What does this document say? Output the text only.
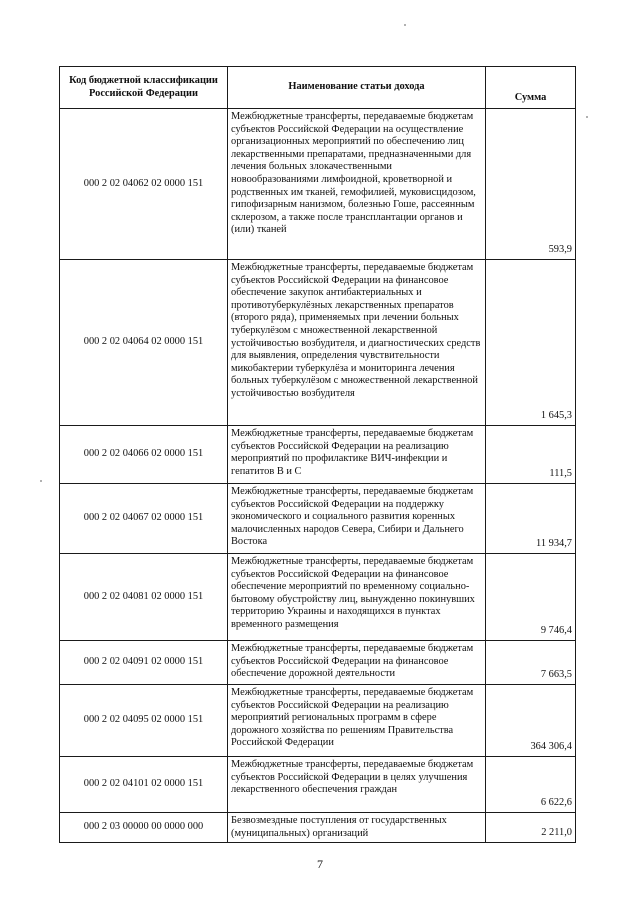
Код бюджетной классификации Российской Федерации	Наименование статьи дохода	Сумма
000 2 02 04062 02 0000 151	Межбюджетные трансферты, передаваемые бюджетам субъектов Российской Федерации на осуществление организационных мероприятий по обеспечению лиц лекарственными препаратами, предназначенными для лечения больных злокачественными новообразованиями лимфоидной, кроветворной и родственных им тканей, гемофилией, муковисцидозом, гипофизарным нанизмом, болезнью Гоше, рассеянным склерозом, а также после трансплантации органов и (или) тканей	593,9
000 2 02 04064 02 0000 151	Межбюджетные трансферты, передаваемые бюджетам субъектов Российской Федерации на финансовое обеспечение закупок антибактериальных и противотуберкулёзных лекарственных препаратов (второго ряда), применяемых при лечении больных туберкулёзом с множественной лекарственной устойчивостью возбудителя, и диагностических средств для выявления, определения чувствительности микобактерии туберкулёза и мониторинга лечения больных туберкулёзом с множественной лекарственной устойчивостью возбудителя	1 645,3
000 2 02 04066 02 0000 151	Межбюджетные трансферты, передаваемые бюджетам субъектов Российской Федерации на реализацию мероприятий по профилактике ВИЧ-инфекции и гепатитов B и C	111,5
000 2 02 04067 02 0000 151	Межбюджетные трансферты, передаваемые бюджетам субъектов Российской Федерации на поддержку экономического и социального развития коренных малочисленных народов Севера, Сибири и Дальнего Востока	11 934,7
000 2 02 04081 02 0000 151	Межбюджетные трансферты, передаваемые бюджетам субъектов Российской Федерации на финансовое обеспечение мероприятий по временному социально-бытовому обустройству лиц, вынужденно покинувших территорию Украины и находящихся в пунктах временного размещения	9 746,4
000 2 02 04091 02 0000 151	Межбюджетные трансферты, передаваемые бюджетам субъектов Российской Федерации на финансовое обеспечение дорожной деятельности	7 663,5
000 2 02 04095 02 0000 151	Межбюджетные трансферты, передаваемые бюджетам субъектов Российской Федерации на реализацию мероприятий региональных программ в сфере дорожного хозяйства по решениям Правительства Российской Федерации	364 306,4
000 2 02 04101 02 0000 151	Межбюджетные трансферты, передаваемые бюджетам субъектов Российской Федерации в целях улучшения лекарственного обеспечения граждан	6 622,6
000 2 03 00000 00 0000 000	Безвозмездные поступления от государственных (муниципальных) организаций	2 211,0
7
